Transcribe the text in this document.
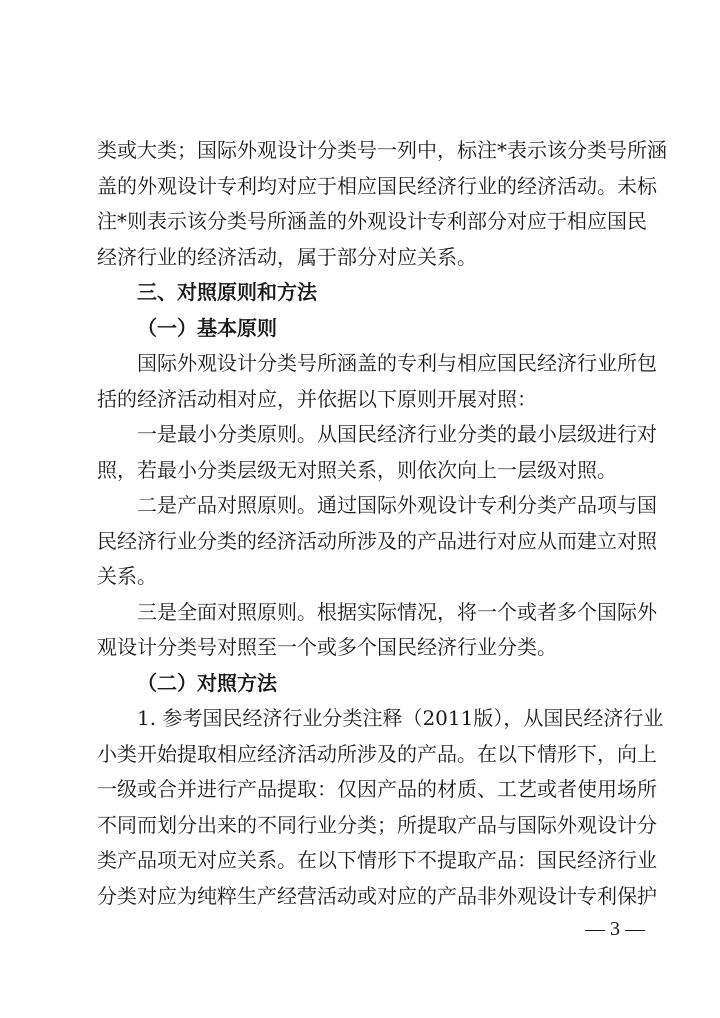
类或大类；国际外观设计分类号一列中，标注*表示该分类号所涵
盖的外观设计专利均对应于相应国民经济行业的经济活动。未标
注*则表示该分类号所涵盖的外观设计专利部分对应于相应国民
经济行业的经济活动，属于部分对应关系。
三、对照原则和方法
（一）基本原则
国际外观设计分类号所涵盖的专利与相应国民经济行业所包
括的经济活动相对应，并依据以下原则开展对照：
一是最小分类原则。从国民经济行业分类的最小层级进行对
照，若最小分类层级无对照关系，则依次向上一层级对照。
二是产品对照原则。通过国际外观设计专利分类产品项与国
民经济行业分类的经济活动所涉及的产品进行对应从而建立对照
关系。
三是全面对照原则。根据实际情况，将一个或者多个国际外
观设计分类号对照至一个或多个国民经济行业分类。
（二）对照方法
1. 参考国民经济行业分类注释（2011版），从国民经济行业
小类开始提取相应经济活动所涉及的产品。在以下情形下，向上
一级或合并进行产品提取：仅因产品的材质、工艺或者使用场所
不同而划分出来的不同行业分类；所提取产品与国际外观设计分
类产品项无对应关系。在以下情形下不提取产品：国民经济行业
分类对应为纯粹生产经营活动或对应的产品非外观设计专利保护
— 3 —
